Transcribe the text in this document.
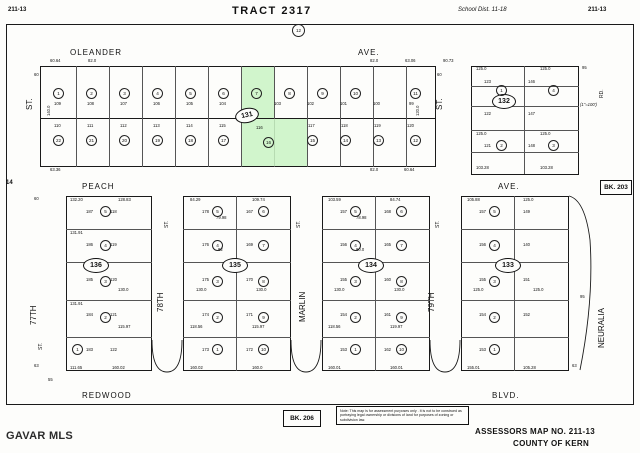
TRACT 2317
211-13	211-13
School Dist. 11-18
12
OLEANDER	AVE.
PEACH	AVE.
REDWOOD	BLVD.
ST.	ST.
77TH
ST.
78TH
ST.
MARLIN
ST.
79TH
ST.
NEURALIA
RD.
131
1
109
2
108
3
107
4
106
5
105
6
104
7
103
8
102
9
101
10
100
11
99
110
22
111
21
112
20
113
19
114
18
115
17
116
16
117
15
118
14
119
13
120
12
60.64	82.0	82.0	63.06
63.36	82.0	60.64
60	60
90.73
140.0	120.0
132
125.0	125.0
123	146
122	147
125.0	125.0
121	148
103.28	103.28
1	4
2	3
(1"=100')
95
95
136
132.20	128.83
187	118
5
131.91
186	119
4
130.0
185	120
3
131.91
115.97
184	121
2
111.65	160.02
183	122
1
135
84.29	109.74
178
79.98
167
5	6
176
82
169
4	7
130.0	130.0
175	170
3	8
118.56	115.97
174	171
2	9
160.02	160.0
173	172
1	10
134
103.59	84.74
157
78.98
168
5	6
156
80.0
165
4	7
130.0	130.0
155	160
3	8
118.56	119.97
154	161
2	9
160.01	160.01
153	162
1	10
133
105.88
157	149
5
125.0
156	140
4
125.0	125.0
155	151
3
154	152
2
155.01	105.28
153 1
14
60
63	63
55
BK. 203
BK. 206
Note: This map is for assessment purposes only . It is not to be construed as portraying legal ownership or divisions of land for purposes of zoning or subdivision law.
ASSESSORS MAP NO. 211-13
COUNTY OF KERN
GAVAR MLS
